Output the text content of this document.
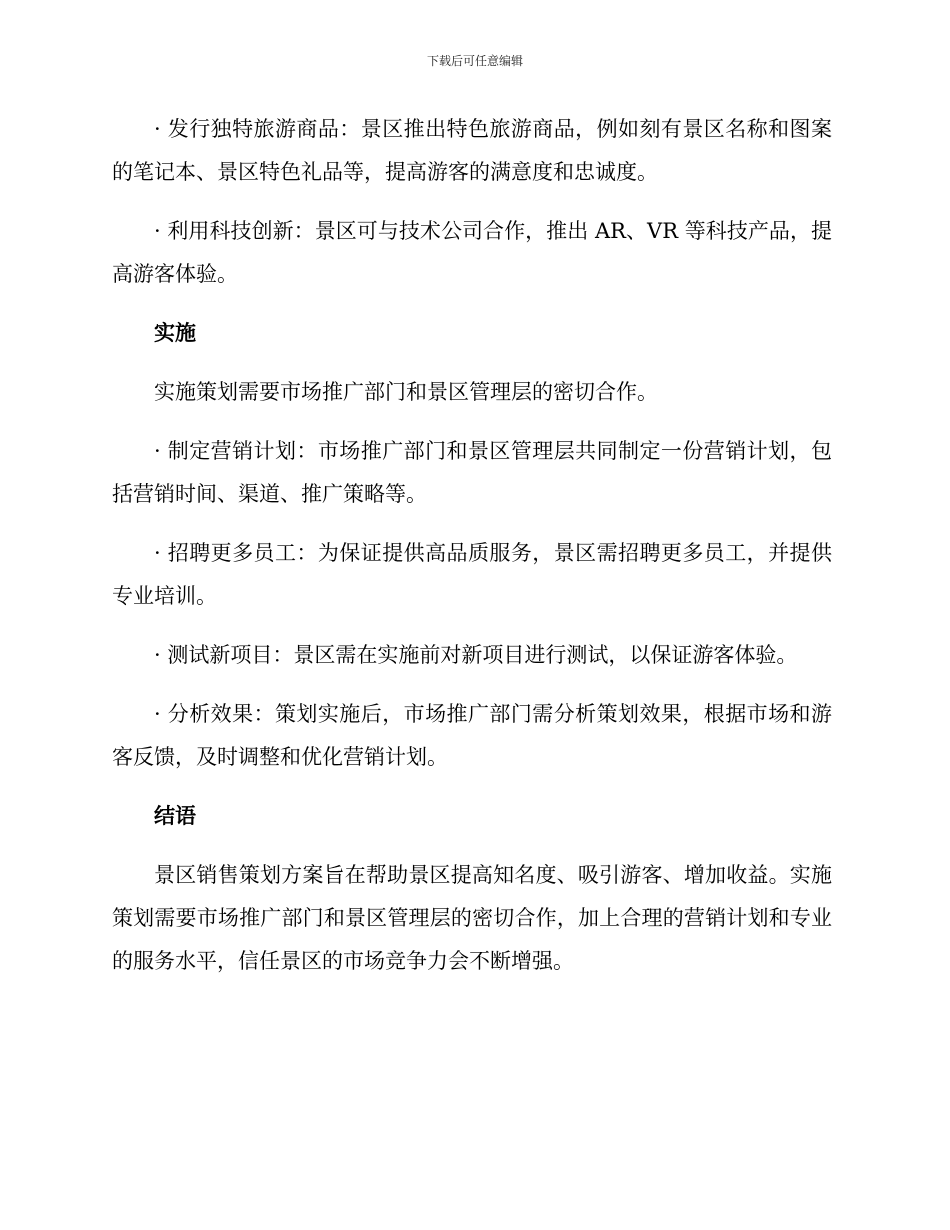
下载后可任意编辑

· 发行独特旅游商品：景区推出特色旅游商品，例如刻有景区名称和图案的笔记本、景区特色礼品等，提高游客的满意度和忠诚度。

· 利用科技创新：景区可与技术公司合作，推出 AR、VR 等科技产品，提高游客体验。

实施

实施策划需要市场推广部门和景区管理层的密切合作。

· 制定营销计划：市场推广部门和景区管理层共同制定一份营销计划，包括营销时间、渠道、推广策略等。

· 招聘更多员工：为保证提供高品质服务，景区需招聘更多员工，并提供专业培训。

· 测试新项目：景区需在实施前对新项目进行测试，以保证游客体验。

· 分析效果：策划实施后，市场推广部门需分析策划效果，根据市场和游客反馈，及时调整和优化营销计划。

结语

景区销售策划方案旨在帮助景区提高知名度、吸引游客、增加收益。实施策划需要市场推广部门和景区管理层的密切合作，加上合理的营销计划和专业的服务水平，信任景区的市场竞争力会不断增强。
